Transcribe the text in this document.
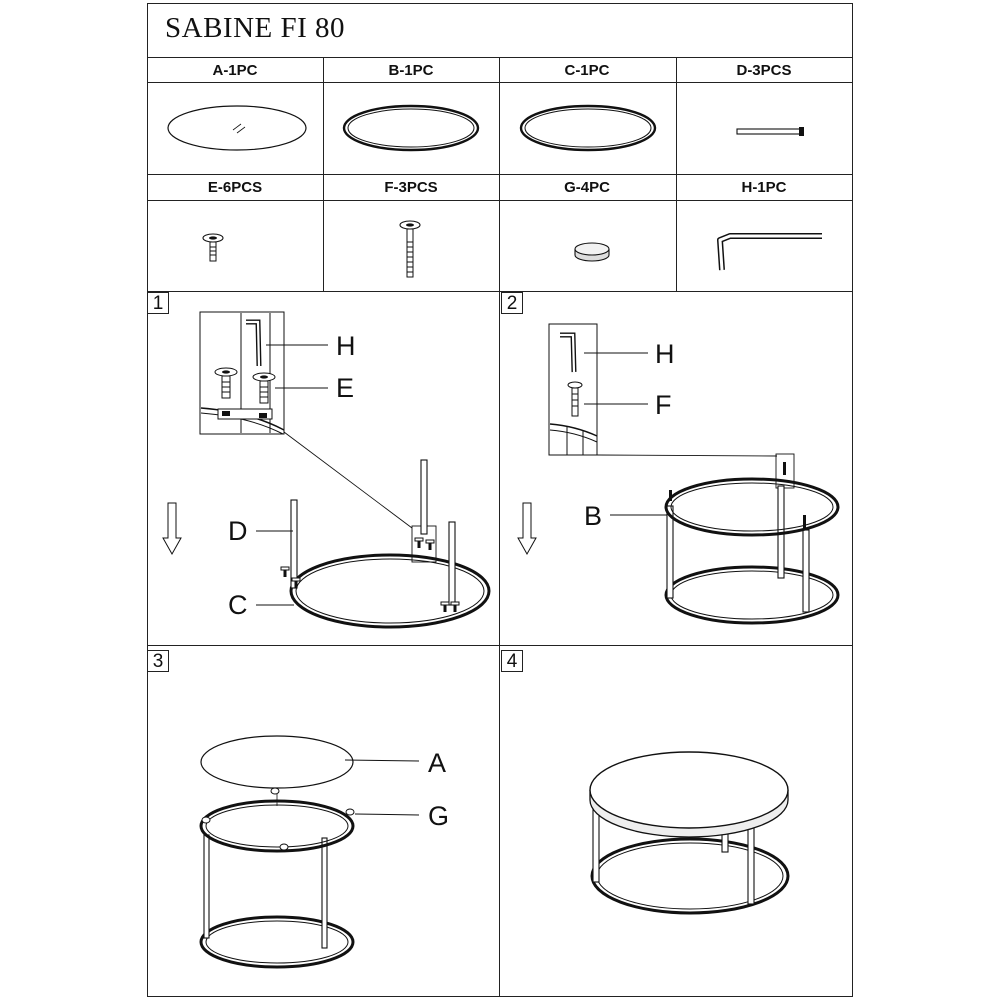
SABINE FI 80
A-1PC	B-1PC	C-1PC	D-3PCS
E-6PCS	F-3PCS	G-4PC	H-1PC
1	2
3	4
H
E
D
C
H
F
B
A
G
